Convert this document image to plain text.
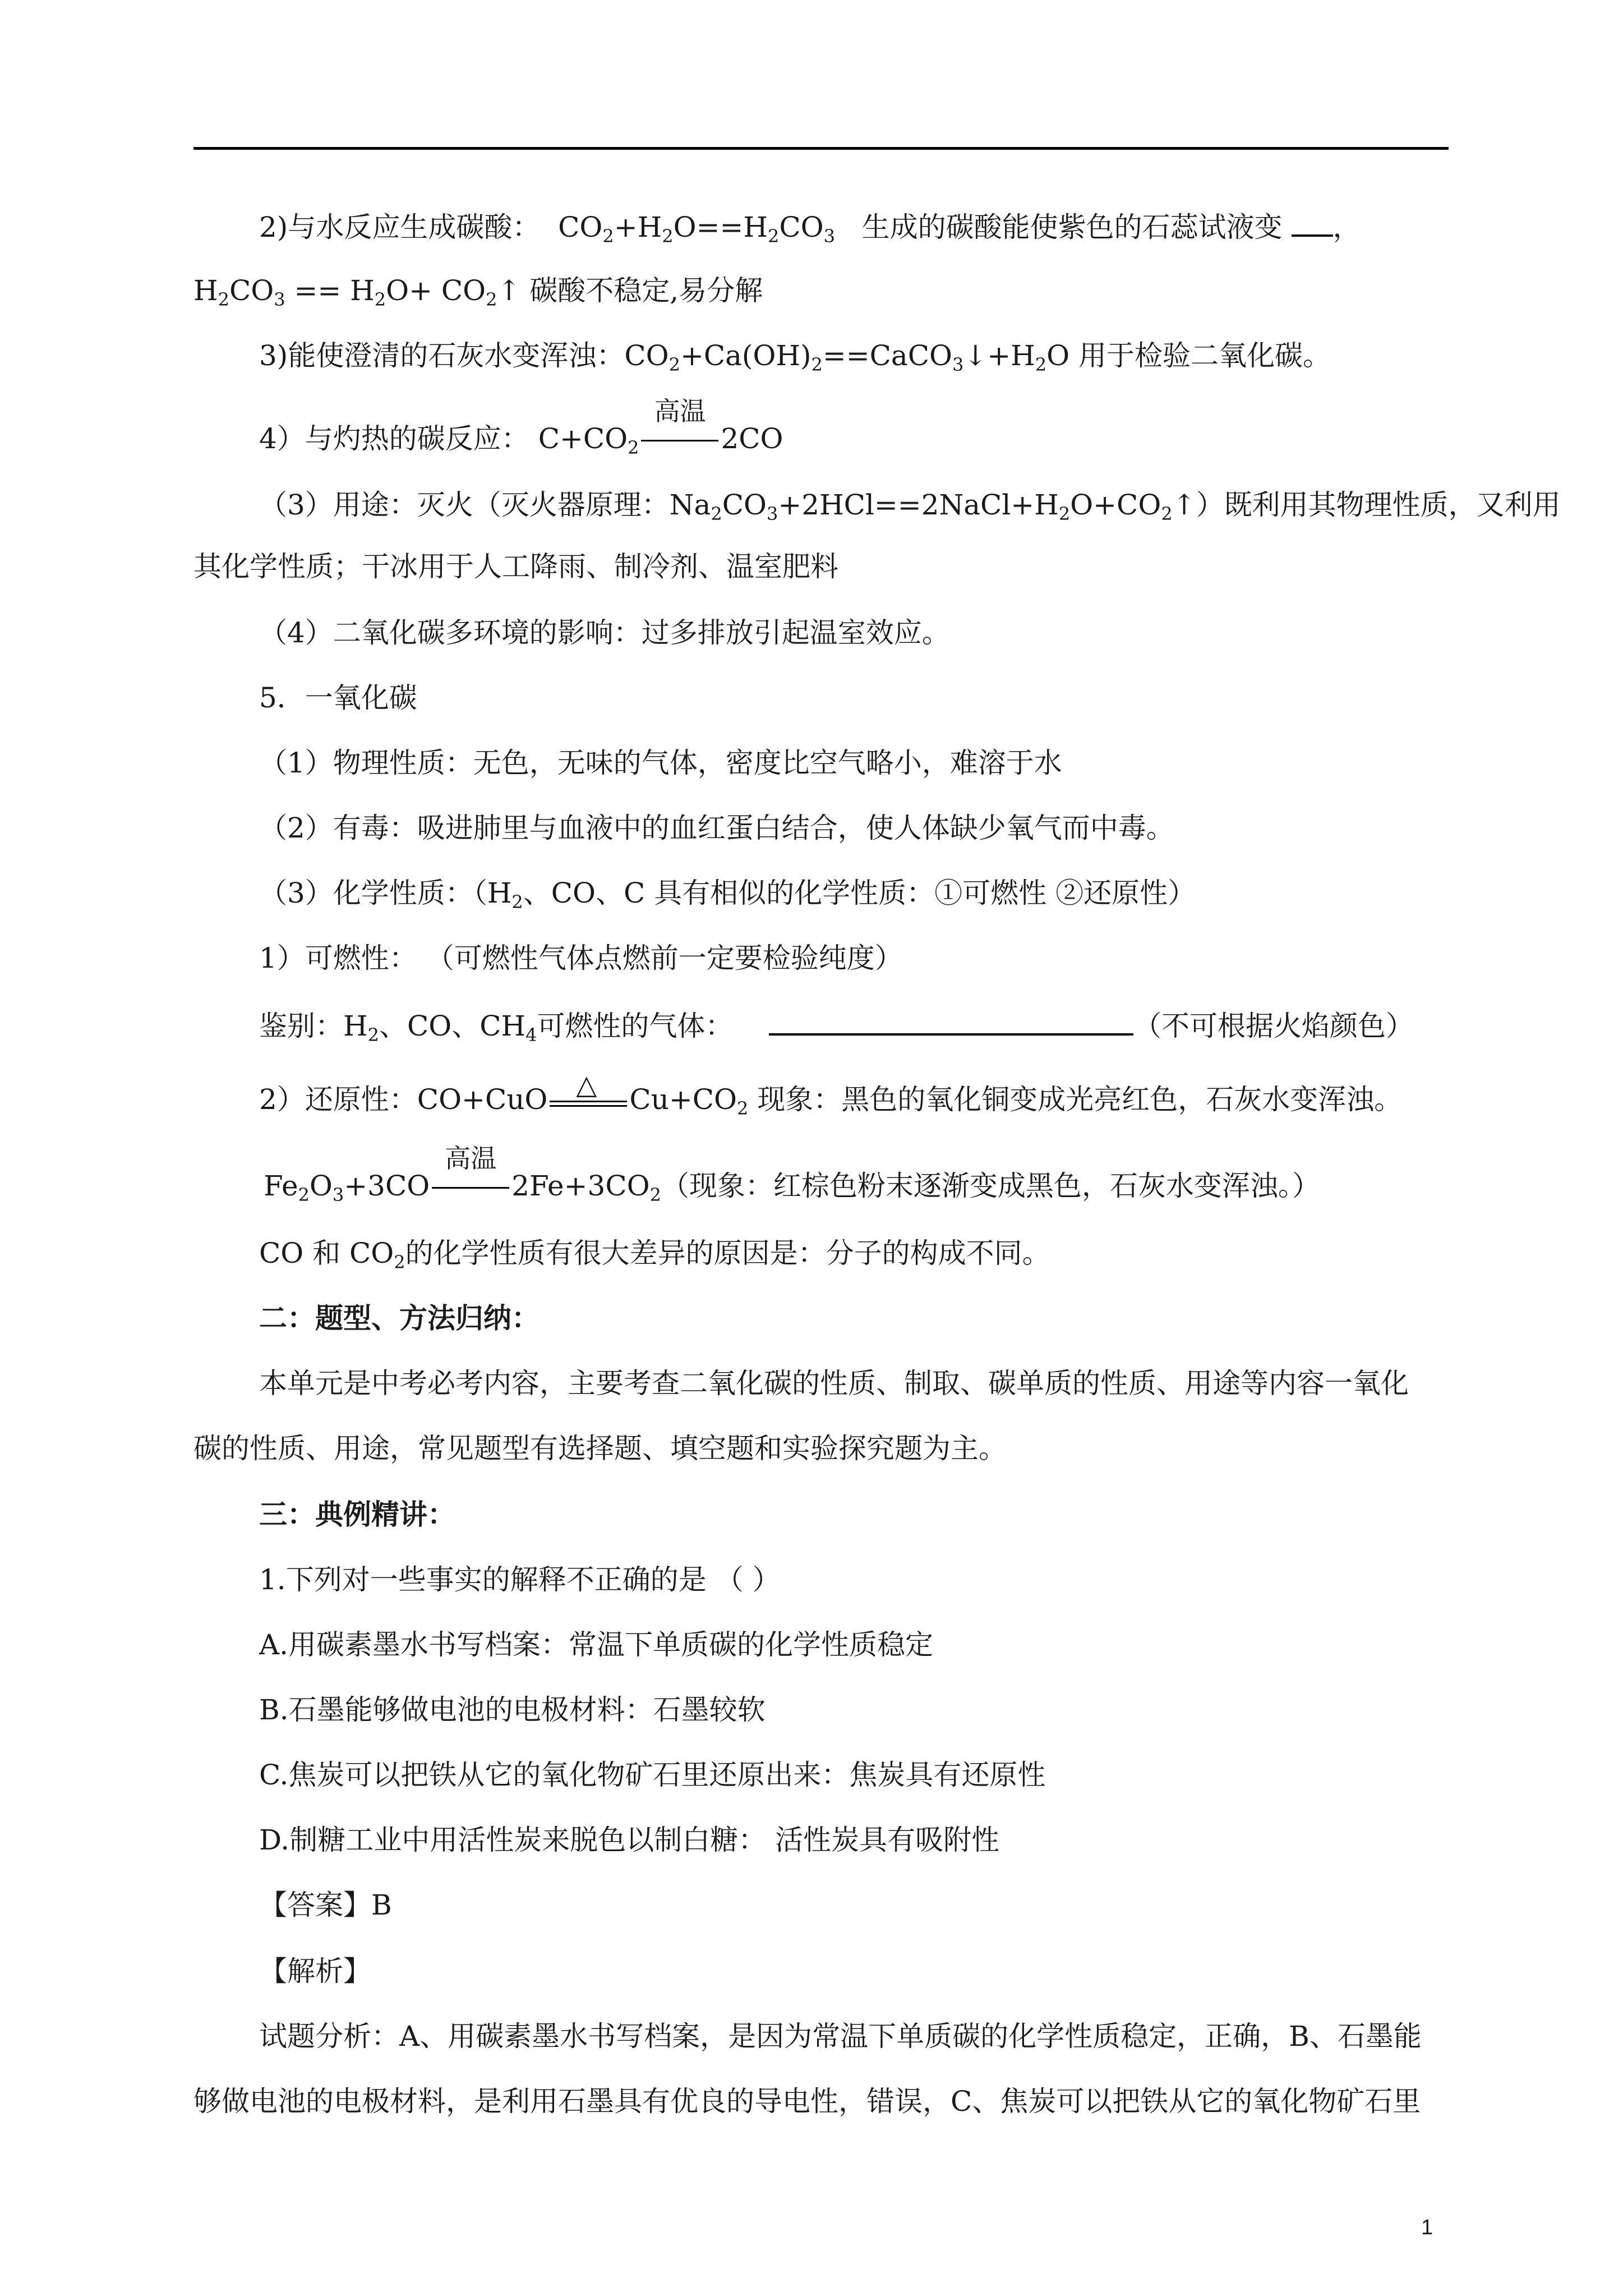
2)与水反应生成碳酸： $CO_2+H_2O==H_2CO_3$ 生成的碳酸能使紫色的石蕊试液变 ，
$H_2CO_3 == H_2O+$ $CO_2↑$ 碳酸不稳定,易分解
3)能使澄清的石灰水变浑浊：$CO_2+Ca(OH)_2==CaCO_3↓+H_2O$ 用于检验二氧化碳。
4）与灼热的碳反应： $C+CO_2$
高温
2CO
（3）用途：灭火（灭火器原理：$Na_2CO_3+2HCl==2NaCl+H_2O+CO_2↑$）既利用其物理性质，又利用
其化学性质；干冰用于人工降雨、制冷剂、温室肥料
（4）二氧化碳多环境的影响：过多排放引起温室效应。
5．一氧化碳
（1）物理性质：无色，无味的气体，密度比空气略小，难溶于水
（2）有毒：吸进肺里与血液中的血红蛋白结合，使人体缺少氧气而中毒。
（3）化学性质：（$H_2$、CO、C 具有相似的化学性质：①可燃性 ②还原性）
1）可燃性： （可燃性气体点燃前一定要检验纯度）
鉴别：$H_2$、CO、$CH_4$可燃性的气体：	（不可根据火焰颜色）
2）还原性：CO+CuO △ $Cu+CO_2$ 现象：黑色的氧化铜变成光亮红色，石灰水变浑浊。
$Fe_2O_3+3CO$
高温
$2Fe+3CO_2$（现象：红棕色粉末逐渐变成黑色，石灰水变浑浊。）
CO 和 $CO_2$的化学性质有很大差异的原因是：分子的构成不同。
二：题型、方法归纳：
本单元是中考必考内容，主要考查二氧化碳的性质、制取、碳单质的性质、用途等内容一氧化
碳的性质、用途，常见题型有选择题、填空题和实验探究题为主。
三：典例精讲：
1.下列对一些事实的解释不正确的是 （ ）
A.用碳素墨水书写档案：常温下单质碳的化学性质稳定
B.石墨能够做电池的电极材料：石墨较软
C.焦炭可以把铁从它的氧化物矿石里还原出来：焦炭具有还原性
D.制糖工业中用活性炭来脱色以制白糖： 活性炭具有吸附性
【答案】B
【解析】
试题分析：A、用碳素墨水书写档案，是因为常温下单质碳的化学性质稳定，正确，B、石墨能
够做电池的电极材料，是利用石墨具有优良的导电性，错误，C、焦炭可以把铁从它的氧化物矿石里
1
